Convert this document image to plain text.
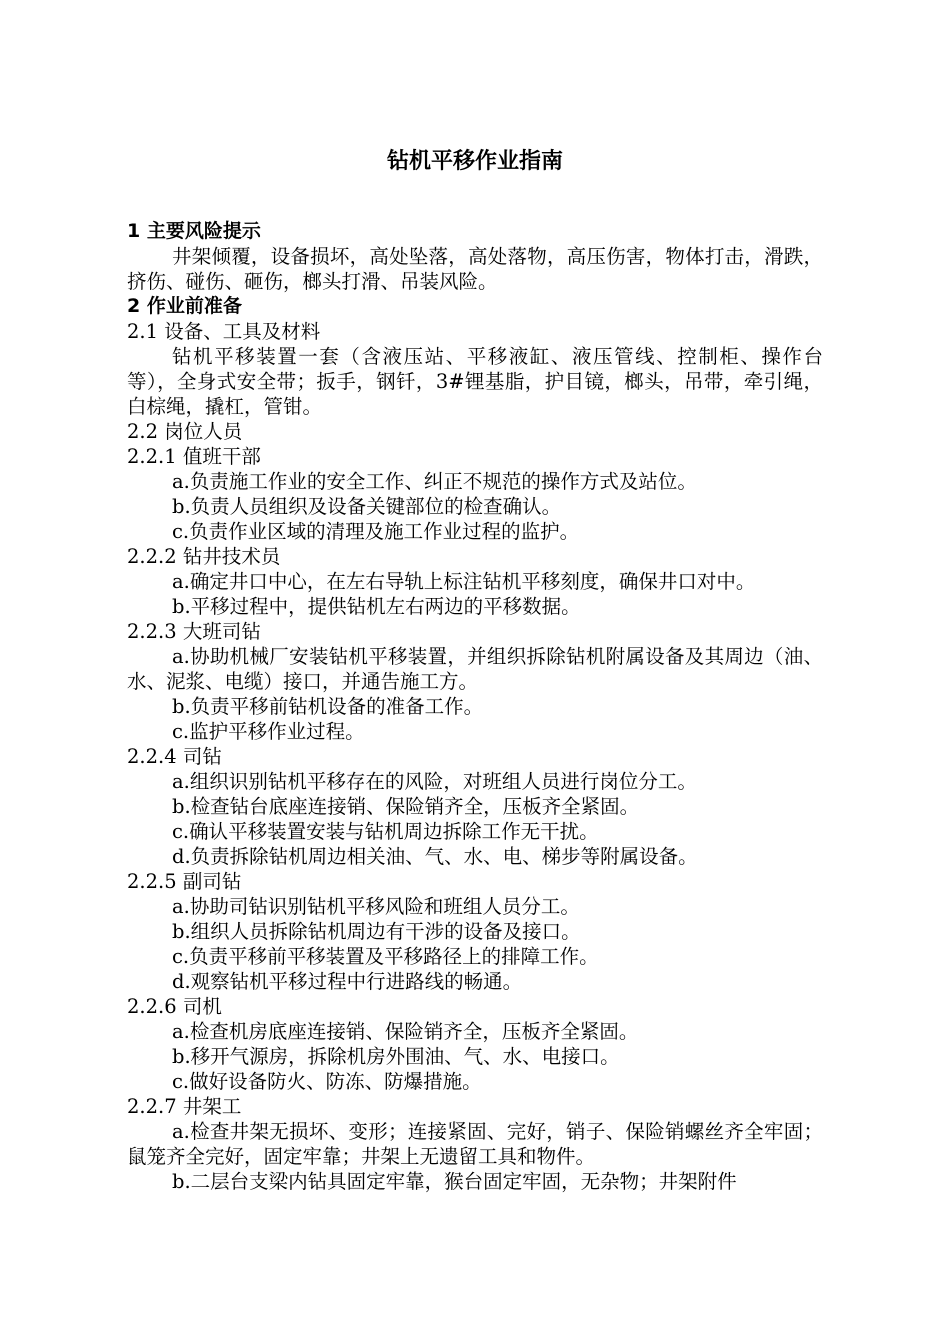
钻机平移作业指南

1 主要风险提示

井架倾覆，设备损坏，高处坠落，高处落物，高压伤害，物体打击，滑跌，挤伤、碰伤、砸伤，榔头打滑、吊装风险。

2 作业前准备

2.1 设备、工具及材料

钻机平移装置一套（含液压站、平移液缸、液压管线、控制柜、操作台等），全身式安全带；扳手，钢钎，3#锂基脂，护目镜，榔头，吊带，牵引绳，白棕绳，撬杠，管钳。

2.2 岗位人员

2.2.1 值班干部

a.负责施工作业的安全工作、纠正不规范的操作方式及站位。

b.负责人员组织及设备关键部位的检查确认。

c.负责作业区域的清理及施工作业过程的监护。

2.2.2 钻井技术员

a.确定井口中心，在左右导轨上标注钻机平移刻度，确保井口对中。

b.平移过程中，提供钻机左右两边的平移数据。

2.2.3 大班司钻

a.协助机械厂安装钻机平移装置，并组织拆除钻机附属设备及其周边（油、水、泥浆、电缆）接口，并通告施工方。

b.负责平移前钻机设备的准备工作。

c.监护平移作业过程。

2.2.4 司钻

a.组织识别钻机平移存在的风险，对班组人员进行岗位分工。

b.检查钻台底座连接销、保险销齐全，压板齐全紧固。

c.确认平移装置安装与钻机周边拆除工作无干扰。

d.负责拆除钻机周边相关油、气、水、电、梯步等附属设备。

2.2.5 副司钻

a.协助司钻识别钻机平移风险和班组人员分工。

b.组织人员拆除钻机周边有干涉的设备及接口。

c.负责平移前平移装置及平移路径上的排障工作。

d.观察钻机平移过程中行进路线的畅通。

2.2.6 司机

a.检查机房底座连接销、保险销齐全，压板齐全紧固。

b.移开气源房，拆除机房外围油、气、水、电接口。

c.做好设备防火、防冻、防爆措施。

2.2.7 井架工

a.检查井架无损坏、变形；连接紧固、完好，销子、保险销螺丝齐全牢固；鼠笼齐全完好，固定牢靠；井架上无遗留工具和物件。

b.二层台支梁内钻具固定牢靠，猴台固定牢固，无杂物；井架附件
